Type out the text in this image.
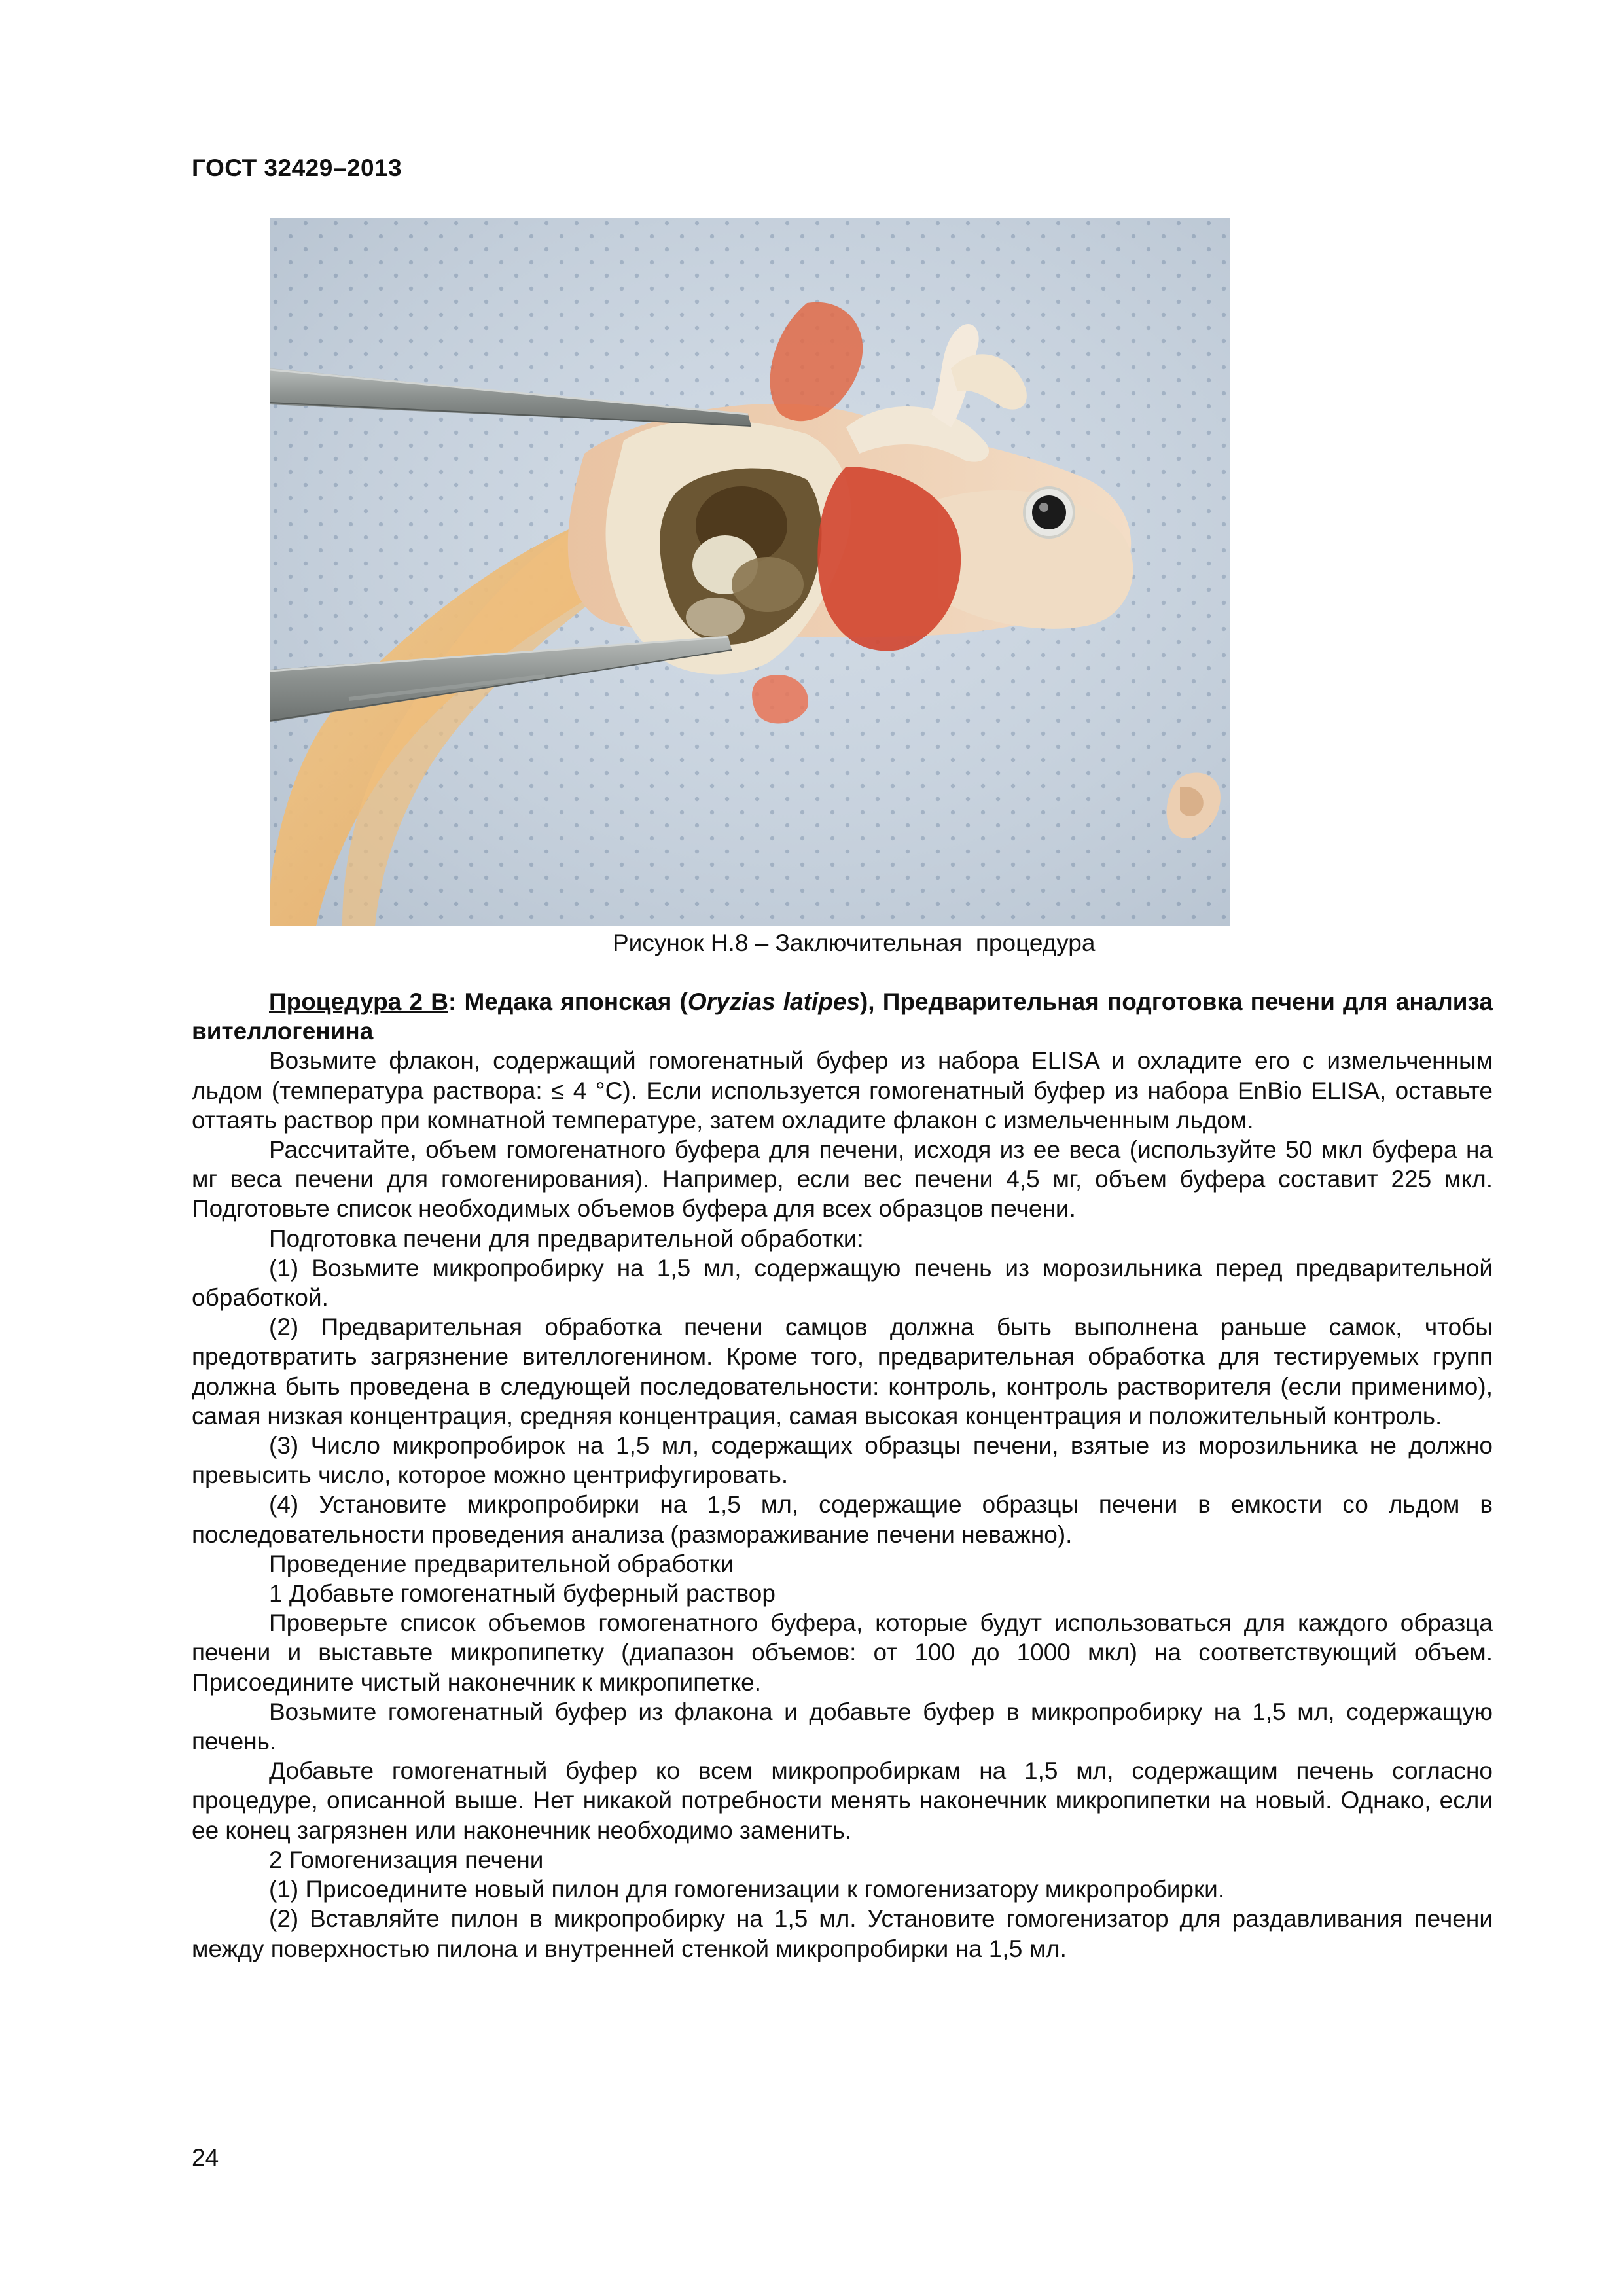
ГОСТ 32429–2013
Рисунок Н.8 – Заключительная  процедура

Процедура 2 B: Медака японская (Oryzias latipes), Предварительная подготовка печени для анализа вителлогенина

Возьмите флакон, содержащий гомогенатный буфер из набора ELISA и охладите его с измельченным льдом (температура раствора: ≤ 4 °C). Если используется гомогенатный буфер из набора EnBio ELISA, оставьте оттаять раствор при комнатной температуре, затем охладите флакон с измельченным льдом.

Рассчитайте, объем гомогенатного буфера для печени, исходя из ее веса (используйте 50 мкл буфера на мг веса печени для гомогенирования). Например, если вес печени 4,5 мг, объем буфера составит 225 мкл. Подготовьте список необходимых объемов буфера для всех образцов печени.

Подготовка печени для предварительной обработки:

(1) Возьмите микропробирку на 1,5 мл, содержащую печень из морозильника перед предварительной обработкой.

(2) Предварительная обработка печени самцов должна быть выполнена раньше самок, чтобы предотвратить загрязнение вителлогенином. Кроме того, предварительная обработка для тестируемых групп должна быть проведена в следующей последовательности: контроль, контроль растворителя (если применимо), самая низкая концентрация, средняя концентрация, самая высокая концентрация и положительный контроль.

(3) Число микропробирок на 1,5 мл, содержащих образцы печени, взятые из морозильника не должно превысить число, которое можно центрифугировать.

(4) Установите микропробирки на 1,5 мл, содержащие образцы печени в емкости со льдом в последовательности проведения анализа (размораживание печени неважно).

Проведение предварительной обработки

1 Добавьте гомогенатный буферный раствор

Проверьте список объемов гомогенатного буфера, которые будут использоваться для каждого образца печени и выставьте микропипетку (диапазон объемов: от 100 до 1000 мкл) на соответствующий объем. Присоедините чистый наконечник к микропипетке.

Возьмите гомогенатный буфер из флакона и добавьте буфер в микропробирку на 1,5 мл, содержащую печень.

Добавьте гомогенатный буфер ко всем микропробиркам на 1,5 мл, содержащим печень согласно процедуре, описанной выше. Нет никакой потребности менять наконечник микропипетки на новый. Однако, если ее конец загрязнен или наконечник необходимо заменить.

2 Гомогенизация печени

(1) Присоедините новый пилон для гомогенизации к гомогенизатору микропробирки.

(2) Вставляйте пилон в микропробирку на 1,5 мл. Установите гомогенизатор для раздавливания печени между поверхностью пилона и внутренней стенкой микропробирки на 1,5 мл.

24
